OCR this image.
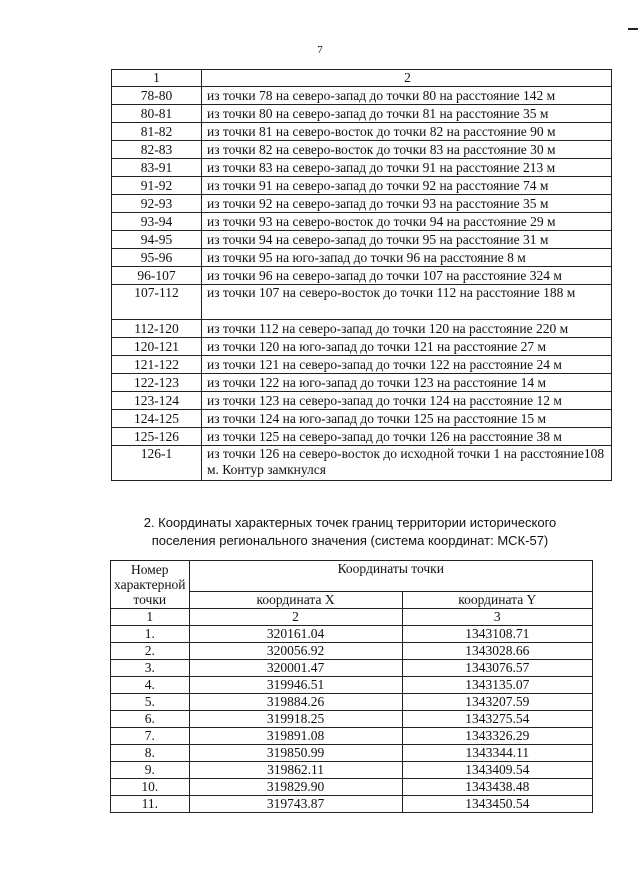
7
1	2
78-80	из точки 78 на северо-запад до точки 80 на расстояние 142 м
80-81	из точки 80 на северо-запад до точки 81 на расстояние 35 м
81-82	из точки 81 на северо-восток до точки 82 на расстояние 90 м
82-83	из точки 82 на северо-восток до точки 83 на расстояние 30 м
83-91	из точки 83 на северо-запад до точки 91 на расстояние 213 м
91-92	из точки 91 на северо-запад до точки 92 на расстояние 74 м
92-93	из точки 92 на северо-запад до точки 93 на расстояние 35 м
93-94	из точки 93 на северо-восток до точки 94 на расстояние 29 м
94-95	из точки 94 на северо-запад до точки 95 на расстояние 31 м
95-96	из точки 95 на юго-запад до точки 96 на расстояние 8 м
96-107	из точки 96 на северо-запад до точки 107 на расстояние 324 м
107-112	из точки 107 на северо-восток до точки 112 на расстояние 188 м
112-120	из точки 112 на северо-запад до точки 120 на расстояние 220 м
120-121	из точки 120 на юго-запад до точки 121 на расстояние 27 м
121-122	из точки 121 на северо-запад до точки 122 на расстояние 24 м
122-123	из точки 122 на юго-запад до точки 123 на расстояние 14 м
123-124	из точки 123 на северо-запад до точки 124 на расстояние 12 м
124-125	из точки 124 на юго-запад до точки 125 на расстояние 15 м
125-126	из точки 125 на северо-запад до точки 126 на расстояние 38 м
126-1	из точки 126 на северо-восток до исходной точки 1 на расстояние108 м. Контур замкнулся
2. Координаты характерных точек границ территории исторического
поселения регионального значения (система координат: МСК-57)
Номер характерной точки	Координаты точки	
	координата X	координата Y
1	2	3
1.	320161.04	1343108.71
2.	320056.92	1343028.66
3.	320001.47	1343076.57
4.	319946.51	1343135.07
5.	319884.26	1343207.59
6.	319918.25	1343275.54
7.	319891.08	1343326.29
8.	319850.99	1343344.11
9.	319862.11	1343409.54
10.	319829.90	1343438.48
11.	319743.87	1343450.54
